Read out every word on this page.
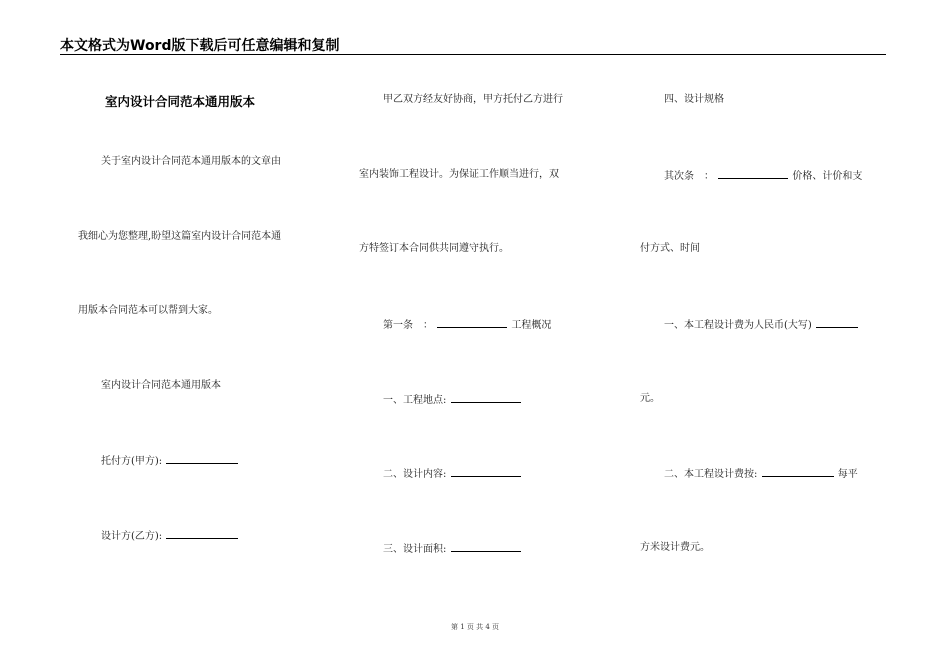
本文格式为Word版下载后可任意编辑和复制
室内设计合同范本通用版本
关于室内设计合同范本通用版本的文章由
我细心为您整理,盼望这篇室内设计合同范本通
用版本合同范本可以帮到大家。
室内设计合同范本通用版本
托付方(甲方):
设计方(乙方):
甲乙双方经友好协商，甲方托付乙方进行
室内装饰工程设计。为保证工作顺当进行，双
方特签订本合同供共同遵守执行。
第一条　：	工程概况
一、工程地点:
二、设计内容:
三、设计面积:
四、设计规格
其次条　：	价格、计价和支
付方式、时间
一、本工程设计费为人民币(大写)
元。
二、本工程设计费按:	每平
方米设计费元。
第 1 页 共 4 页
